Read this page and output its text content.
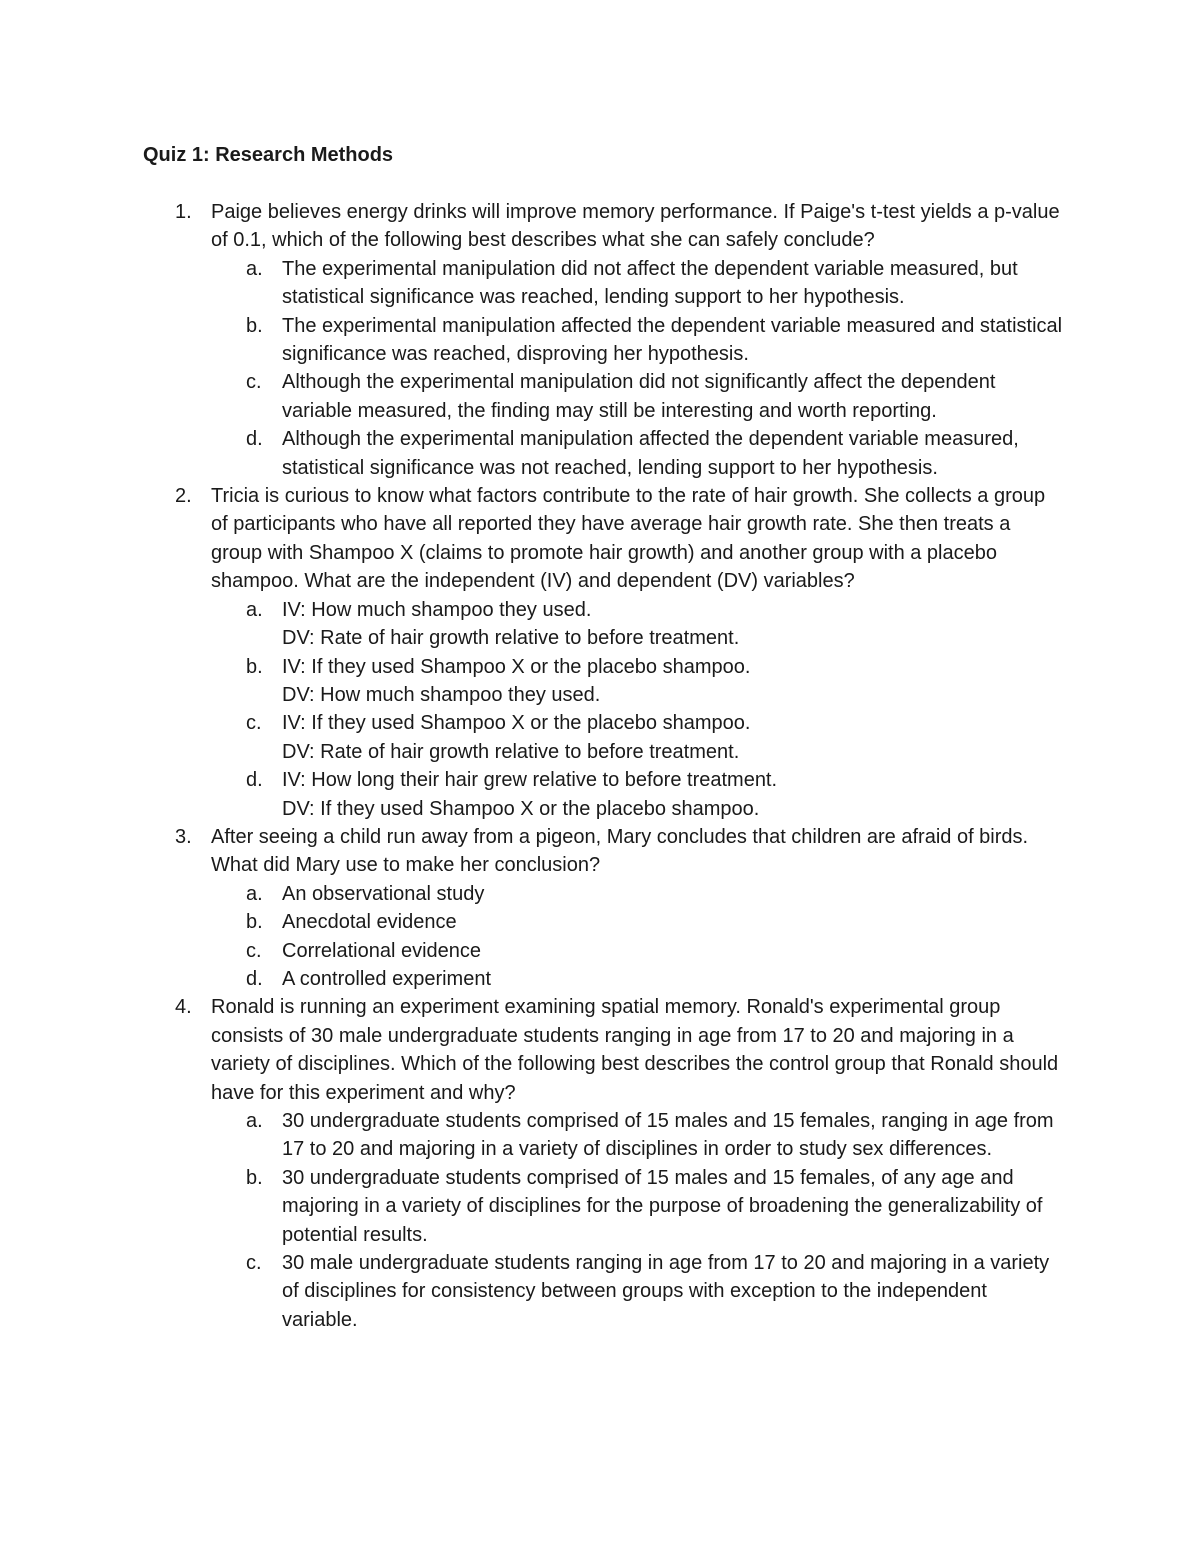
Quiz 1: Research Methods
1. Paige believes energy drinks will improve memory performance. If Paige's t-test yields a p-value of 0.1, which of the following best describes what she can safely conclude?
a. The experimental manipulation did not affect the dependent variable measured, but statistical significance was reached, lending support to her hypothesis.
b. The experimental manipulation affected the dependent variable measured and statistical significance was reached, disproving her hypothesis.
c. Although the experimental manipulation did not significantly affect the dependent variable measured, the finding may still be interesting and worth reporting.
d. Although the experimental manipulation affected the dependent variable measured, statistical significance was not reached, lending support to her hypothesis.
2. Tricia is curious to know what factors contribute to the rate of hair growth. She collects a group of participants who have all reported they have average hair growth rate. She then treats a group with Shampoo X (claims to promote hair growth) and another group with a placebo shampoo. What are the independent (IV) and dependent (DV) variables?
a. IV: How much shampoo they used.
DV: Rate of hair growth relative to before treatment.
b. IV: If they used Shampoo X or the placebo shampoo.
DV: How much shampoo they used.
c. IV: If they used Shampoo X or the placebo shampoo.
DV: Rate of hair growth relative to before treatment.
d. IV: How long their hair grew relative to before treatment.
DV: If they used Shampoo X or the placebo shampoo.
3. After seeing a child run away from a pigeon, Mary concludes that children are afraid of birds. What did Mary use to make her conclusion?
a. An observational study
b. Anecdotal evidence
c. Correlational evidence
d. A controlled experiment
4. Ronald is running an experiment examining spatial memory. Ronald's experimental group consists of 30 male undergraduate students ranging in age from 17 to 20 and majoring in a variety of disciplines. Which of the following best describes the control group that Ronald should have for this experiment and why?
a. 30 undergraduate students comprised of 15 males and 15 females, ranging in age from 17 to 20 and majoring in a variety of disciplines in order to study sex differences.
b. 30 undergraduate students comprised of 15 males and 15 females, of any age and majoring in a variety of disciplines for the purpose of broadening the generalizability of potential results.
c. 30 male undergraduate students ranging in age from 17 to 20 and majoring in a variety of disciplines for consistency between groups with exception to the independent variable.
